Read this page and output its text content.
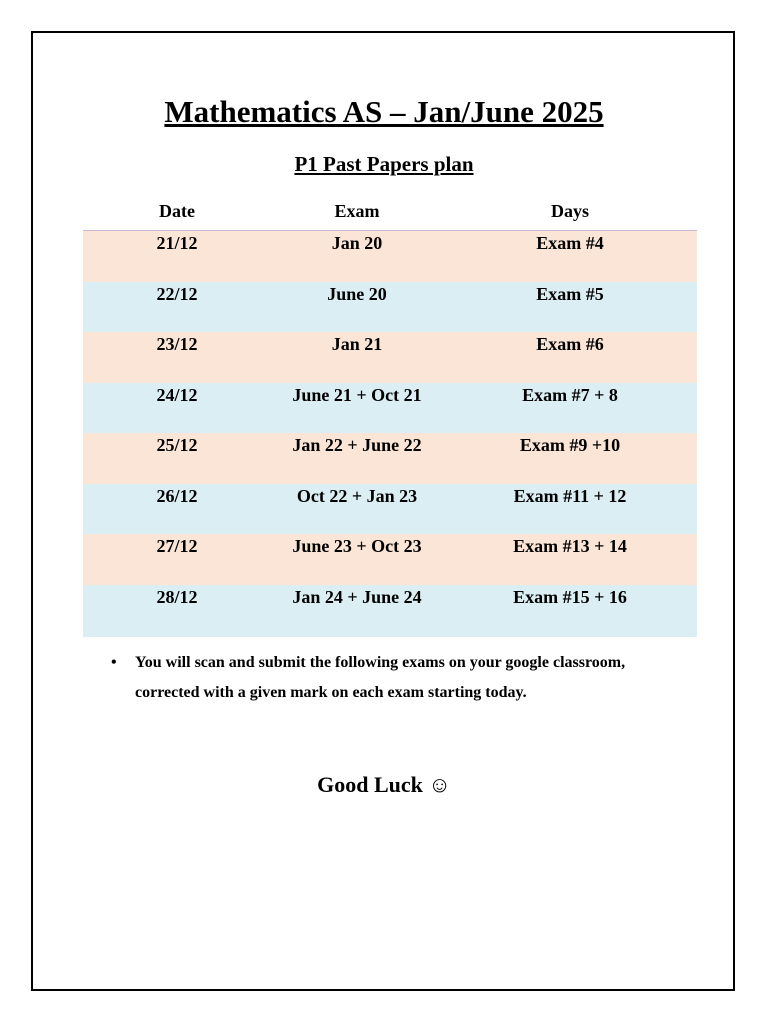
Mathematics AS – Jan/June 2025
P1 Past Papers plan
Date	Exam	Days
21/12	Jan 20	Exam #4
22/12	June 20	Exam #5
23/12	Jan 21	Exam #6
24/12	June 21 + Oct 21	Exam #7 + 8
25/12	Jan 22 + June 22	Exam #9 +10
26/12	Oct 22 + Jan 23	Exam #11 + 12
27/12	June 23 + Oct 23	Exam #13 + 14
28/12	Jan 24 + June 24	Exam #15 + 16
•	You will scan and submit the following exams on your google classroom, corrected with a given mark on each exam starting today.
Good Luck ☺
